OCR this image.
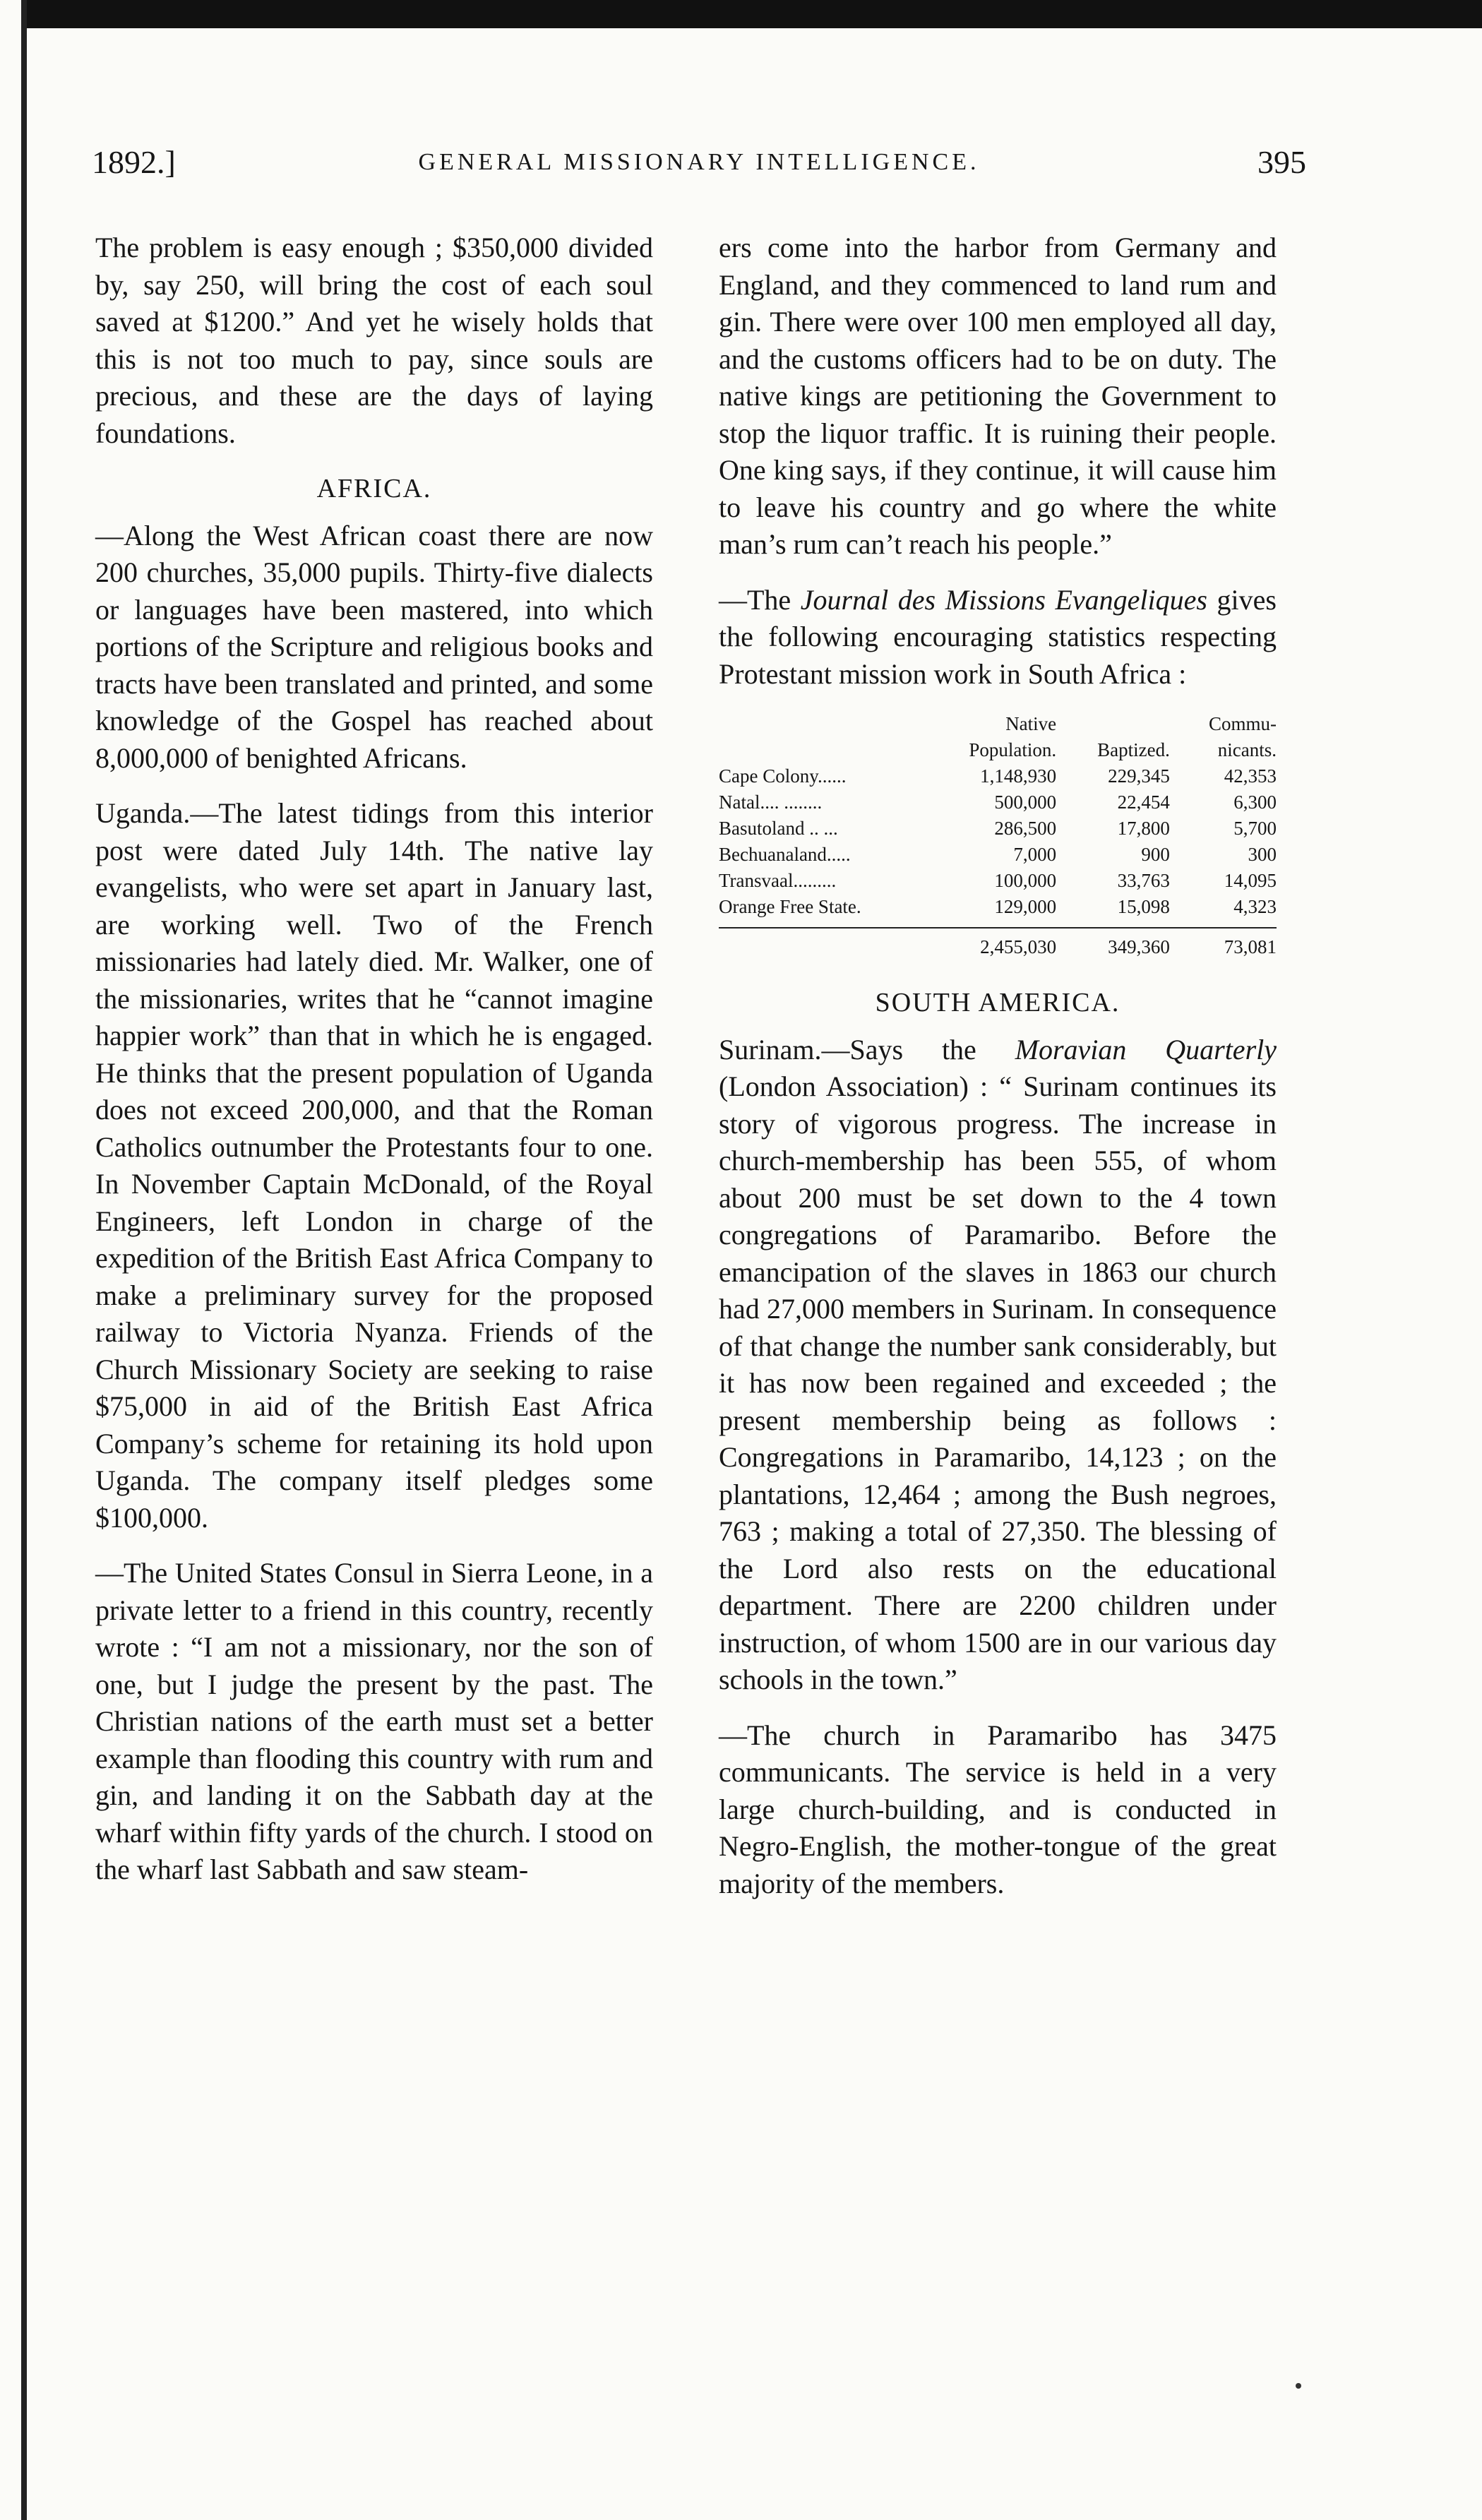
1892.]	GENERAL MISSIONARY INTELLIGENCE.	395

The problem is easy enough ; $350,000 divided by, say 250, will bring the cost of each soul saved at $1200.” And yet he wisely holds that this is not too much to pay, since souls are precious, and these are the days of laying foundations.

AFRICA.

—Along the West African coast there are now 200 churches, 35,000 pupils. Thirty-five dialects or languages have been mastered, into which portions of the Scripture and religious books and tracts have been translated and printed, and some knowledge of the Gospel has reached about 8,000,000 of benighted Africans.

Uganda.—The latest tidings from this interior post were dated July 14th. The native lay evangelists, who were set apart in January last, are working well. Two of the French missionaries had lately died. Mr. Walker, one of the missionaries, writes that he “cannot imagine happier work” than that in which he is engaged. He thinks that the present population of Uganda does not exceed 200,000, and that the Roman Catholics outnumber the Protestants four to one. In November Captain McDonald, of the Royal Engineers, left London in charge of the expedition of the British East Africa Company to make a preliminary survey for the proposed railway to Victoria Nyanza. Friends of the Church Missionary Society are seeking to raise $75,000 in aid of the British East Africa Company’s scheme for retaining its hold upon Uganda. The company itself pledges some $100,000.

—The United States Consul in Sierra Leone, in a private letter to a friend in this country, recently wrote : “I am not a missionary, nor the son of one, but I judge the present by the past. The Christian nations of the earth must set a better example than flooding this country with rum and gin, and landing it on the Sabbath day at the wharf within fifty yards of the church. I stood on the wharf last Sabbath and saw steam-

ers come into the harbor from Germany and England, and they commenced to land rum and gin. There were over 100 men employed all day, and the customs officers had to be on duty. The native kings are petitioning the Government to stop the liquor traffic. It is ruining their people. One king says, if they continue, it will cause him to leave his country and go where the white man’s rum can’t reach his people.”

—The Journal des Missions Evangeliques gives the following encouraging statistics respecting Protestant mission work in South Africa :

	Native		Commu-
	Population.	Baptized.	nicants.
Cape Colony......	1,148,930	229,345	42,353
Natal.... ........	500,000	22,454	6,300
Basutoland .. ...	286,500	17,800	5,700
Bechuanaland.....	7,000	900	300
Transvaal.........	100,000	33,763	14,095
Orange Free State.	129,000	15,098	4,323

	2,455,030	349,360	73,081
SOUTH AMERICA.

Surinam.—Says the Moravian Quarterly (London Association) : “ Surinam continues its story of vigorous progress. The increase in church-membership has been 555, of whom about 200 must be set down to the 4 town congregations of Paramaribo. Before the emancipation of the slaves in 1863 our church had 27,000 members in Surinam. In consequence of that change the number sank considerably, but it has now been regained and exceeded ; the present membership being as follows : Congregations in Paramaribo, 14,123 ; on the plantations, 12,464 ; among the Bush negroes, 763 ; making a total of 27,350. The blessing of the Lord also rests on the educational department. There are 2200 children under instruction, of whom 1500 are in our various day schools in the town.”

—The church in Paramaribo has 3475 communicants. The service is held in a very large church-building, and is conducted in Negro-English, the mother-tongue of the great majority of the members.
